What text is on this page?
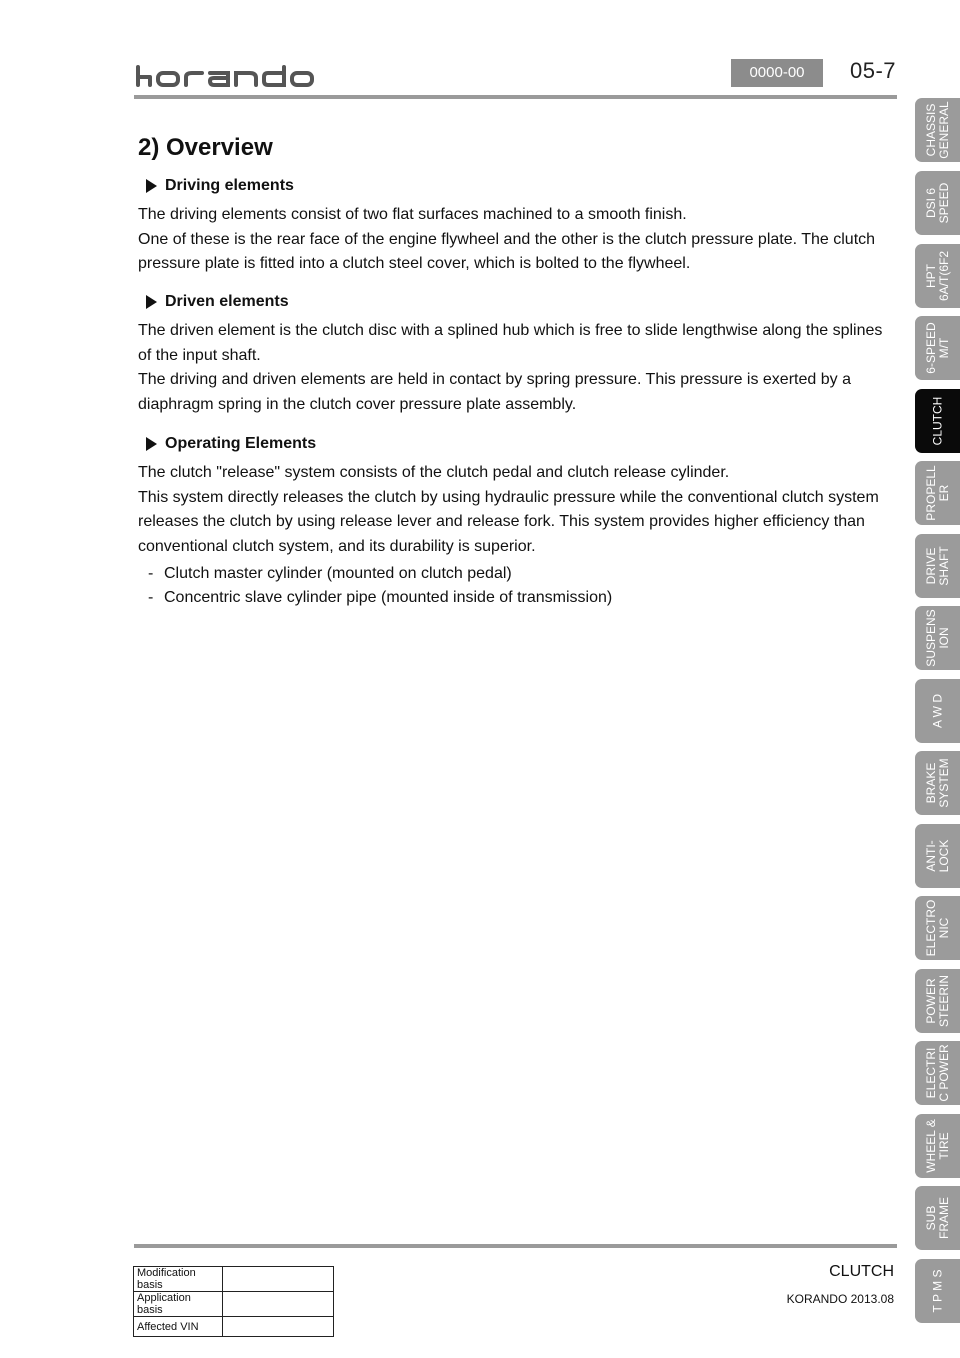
0000-00	05-7
2) Overview
Driving elements

The driving elements consist of two flat surfaces machined to a smooth finish.
One of these is the rear face of the engine flywheel and the other is the clutch pressure plate. The clutch pressure plate is fitted into a clutch steel cover, which is bolted to the flywheel.

Driven elements

The driven element is the clutch disc with a splined hub which is free to slide lengthwise along the splines of the input shaft.
The driving and driven elements are held in contact by spring pressure. This pressure is exerted by a diaphragm spring in the clutch cover pressure plate assembly.

Operating Elements

The clutch "release" system consists of the clutch pedal and clutch release cylinder.
This system directly releases the clutch by using hydraulic pressure while the conventional clutch system releases the clutch by using release lever and release fork. This system provides higher efficiency than conventional clutch system, and its durability is superior.

- Clutch master cylinder (mounted on clutch pedal)
- Concentric slave cylinder pipe (mounted inside of transmission)
Modification basis	
Application basis	
Affected VIN	
CLUTCH
KORANDO 2013.08
CHASSIS
GENERAL
DSI 6
SPEED
HPT
6A/T(6F2
6-SPEED
M/T
CLUTCH
PROPELL
ER
DRIVE
SHAFT
SUSPENS
ION
A W D
BRAKE
SYSTEM
ANTI-
LOCK
ELECTRO
NIC
POWER
STEERIN
ELECTRI
C POWER
WHEEL &
TIRE
SUB
FRAME
T P M S
